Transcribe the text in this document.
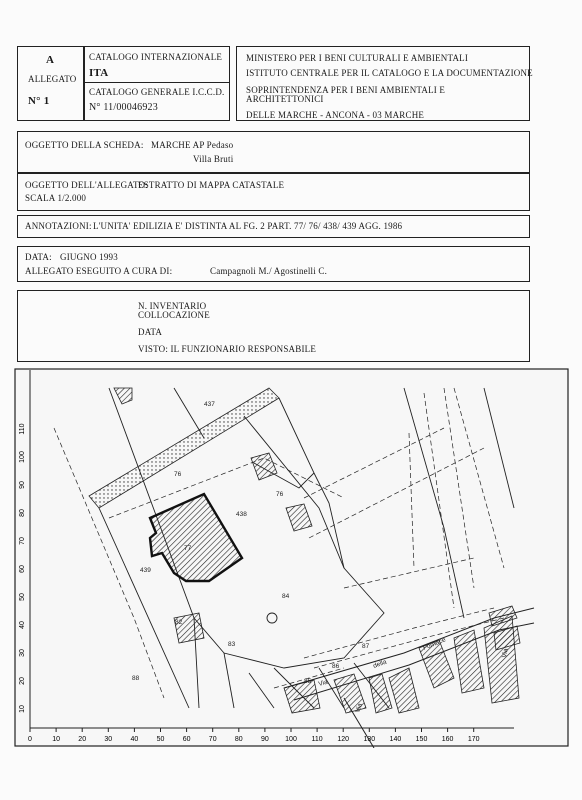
A
ALLEGATO
N° 1
CATALOGO INTERNAZIONALE
ITA
CATALOGO GENERALE I.C.C.D.
N° 11/00046923
MINISTERO PER I BENI CULTURALI E AMBIENTALI
ISTITUTO CENTRALE PER IL CATALOGO E LA DOCUMENTAZIONE
SOPRINTENDENZA PER I BENI AMBIENTALI E
ARCHITETTONICI
DELLE MARCHE - ANCONA - 03 MARCHE
OGGETTO DELLA SCHEDA: MARCHE AP Pedaso
Villa Bruti
OGGETTO DELL'ALLEGATO:
ESTRATTO DI MAPPA CATASTALE
SCALA 1/2.000
ANNOTAZIONI: L'UNITA' EDILIZIA E' DISTINTA AL FG. 2 PART. 77/ 76/ 438/ 439 AGG. 1986
DATA: GIUGNO 1993
ALLEGATO ESEGUITO A CURA DI:	Campagnoli M./ Agostinelli C.
N. INVENTARIO
COLLOCAZIONE
DATA
VISTO: IL FUNZIONARIO RESPONSABILE
437
76
76
438
77
439
84
82
83	87
86
88	85 Via
della
Fornace
Via
Via
0	10	20	30	40	50	60	70	80	90 100 110 120 130 140 150 160 170
10
20
30
40
50
60
70
80
90
100
110
